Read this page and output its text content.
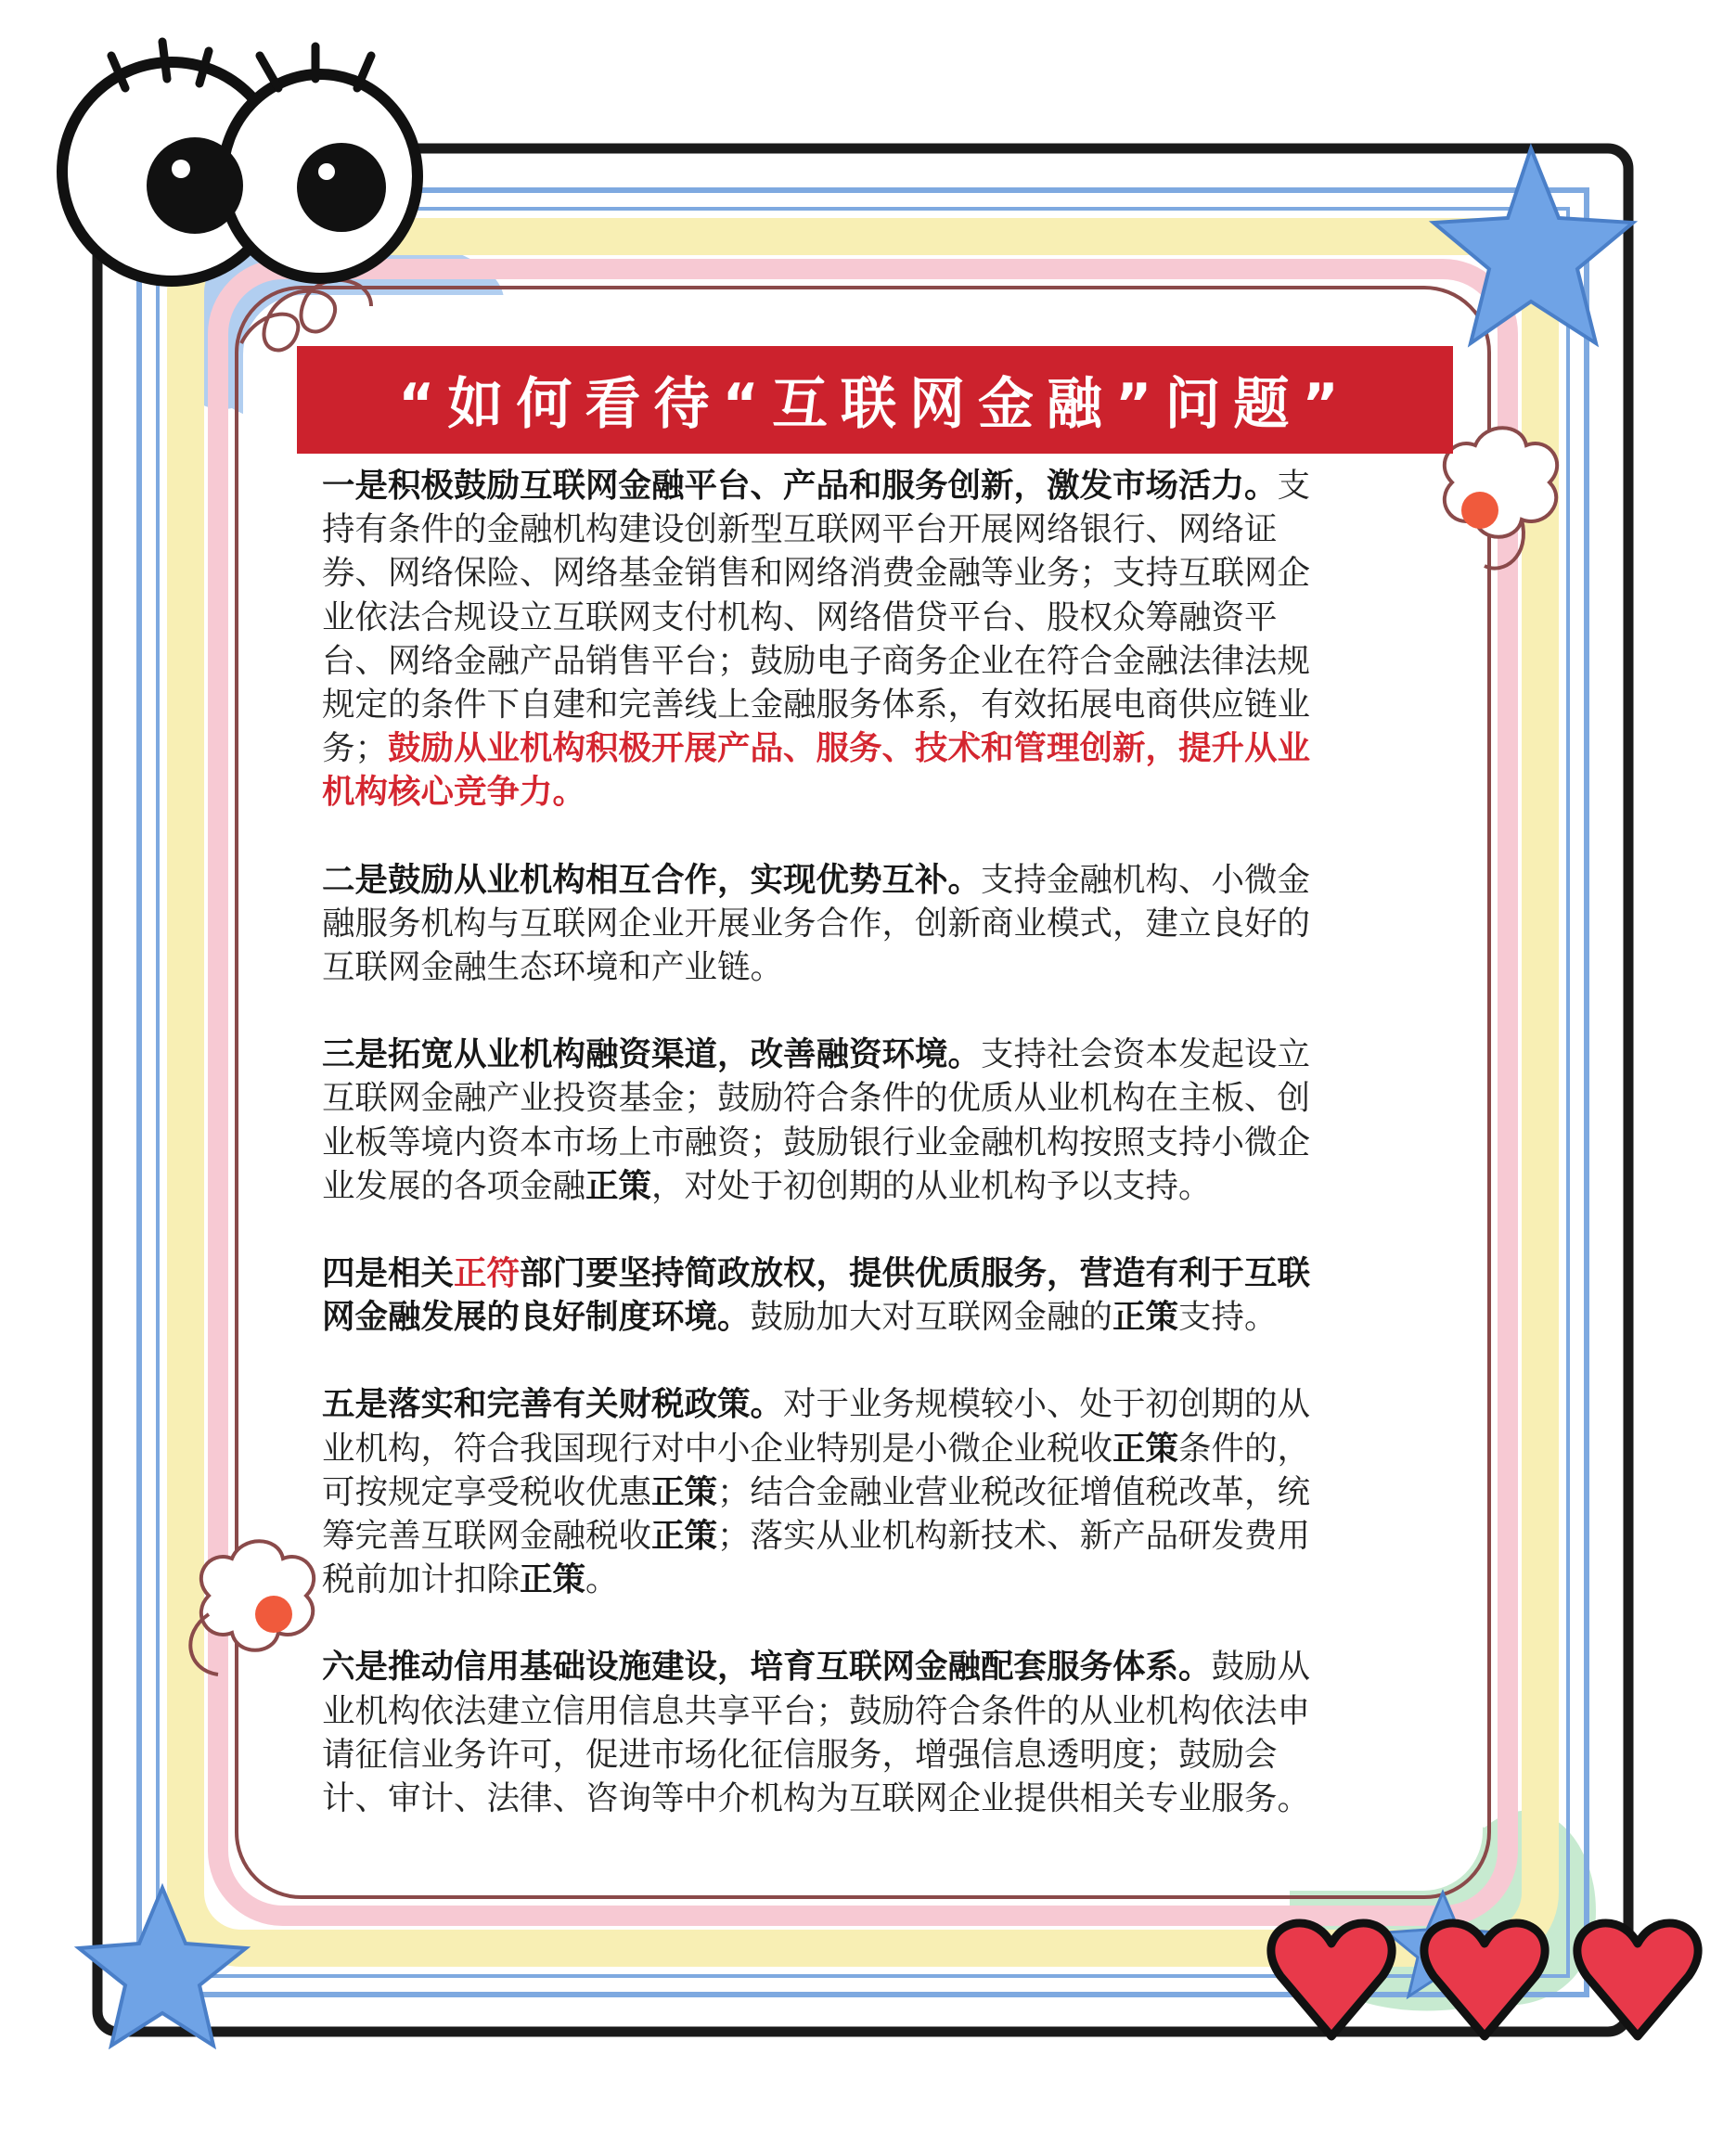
“如何看待“互联网金融”问题”
一是积极鼓励互联网金融平台、产品和服务创新，激发市场活力。支
持有条件的金融机构建设创新型互联网平台开展网络银行、网络证
券、网络保险、网络基金销售和网络消费金融等业务；支持互联网企
业依法合规设立互联网支付机构、网络借贷平台、股权众筹融资平
台、网络金融产品销售平台；鼓励电子商务企业在符合金融法律法规
规定的条件下自建和完善线上金融服务体系，有效拓展电商供应链业
务；鼓励从业机构积极开展产品、服务、技术和管理创新，提升从业
机构核心竞争力。
二是鼓励从业机构相互合作，实现优势互补。支持金融机构、小微金
融服务机构与互联网企业开展业务合作，创新商业模式，建立良好的
互联网金融生态环境和产业链。
三是拓宽从业机构融资渠道，改善融资环境。支持社会资本发起设立
互联网金融产业投资基金；鼓励符合条件的优质从业机构在主板、创
业板等境内资本市场上市融资；鼓励银行业金融机构按照支持小微企
业发展的各项金融正策，对处于初创期的从业机构予以支持。
四是相关正符部门要坚持简政放权，提供优质服务，营造有利于互联
网金融发展的良好制度环境。鼓励加大对互联网金融的正策支持。
五是落实和完善有关财税政策。对于业务规模较小、处于初创期的从
业机构，符合我国现行对中小企业特别是小微企业税收正策条件的，
可按规定享受税收优惠正策；结合金融业营业税改征增值税改革，统
筹完善互联网金融税收正策；落实从业机构新技术、新产品研发费用
税前加计扣除正策。
六是推动信用基础设施建设，培育互联网金融配套服务体系。鼓励从
业机构依法建立信用信息共享平台；鼓励符合条件的从业机构依法申
请征信业务许可，促进市场化征信服务，增强信息透明度；鼓励会
计、审计、法律、咨询等中介机构为互联网企业提供相关专业服务。
